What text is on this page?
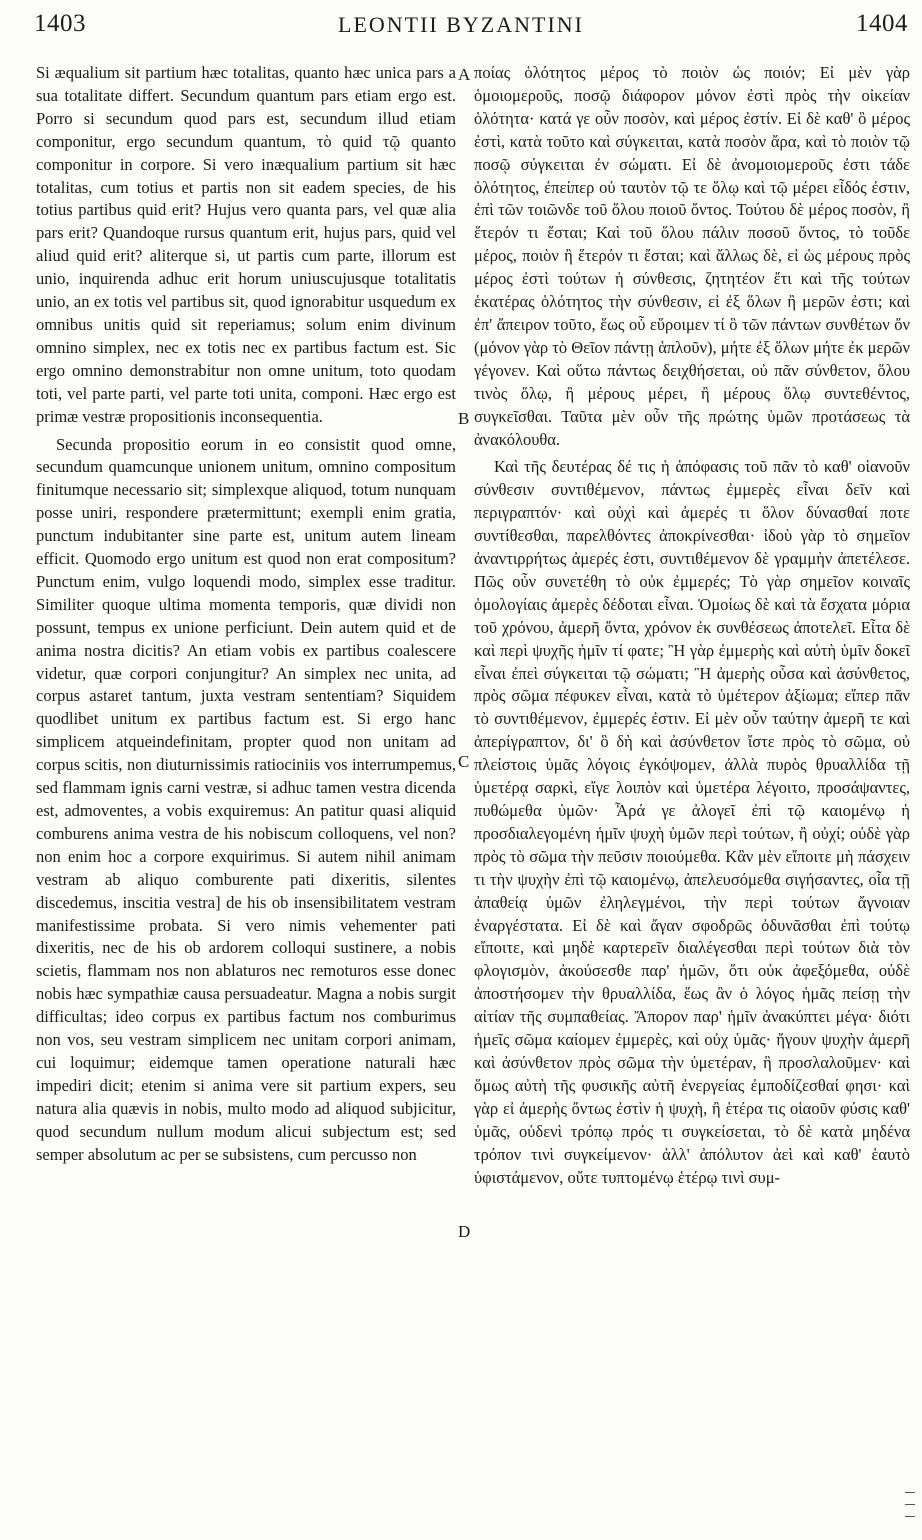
1403	LEONTII BYZANTINI	1404

Si æqualium sit partium hæc totalitas, quanto hæc unica pars a sua totalitate differt. Secundum quantum pars etiam ergo est. Porro si secundum quod pars est, secundum illud etiam componitur, ergo secundum quantum, τὸ quid τῷ quanto componitur in corpore. Si vero inæqualium partium sit hæc totalitas, cum totius et partis non sit eadem species, de his totius partibus quid erit? Hujus vero quanta pars, vel quæ alia pars erit? Quandoque rursus quantum erit, hujus pars, quid vel aliud quid erit? aliterque si, ut partis cum parte, illorum est unio, inquirenda adhuc erit horum uniuscujusque totalitatis unio, an ex totis vel partibus sit, quod ignorabitur usquedum ex omnibus unitis quid sit reperiamus; solum enim divinum omnino simplex, nec ex totis nec ex partibus factum est. Sic ergo omnino demonstrabitur non omne unitum, toto quodam toti, vel parte parti, vel parte toti unita, componi. Hæc ergo est primæ vestræ propositionis inconsequentia.

Secunda propositio eorum in eo consistit quod omne, secundum quamcunque unionem unitum, omnino compositum finitumque necessario sit; simplexque aliquod, totum nunquam posse uniri, respondere prætermittunt; exempli enim gratia, punctum indubitanter sine parte est, unitum autem lineam efficit. Quomodo ergo unitum est quod non erat compositum? Punctum enim, vulgo loquendi modo, simplex esse traditur. Similiter quoque ultima momenta temporis, quæ dividi non possunt, tempus ex unione perficiunt. Dein autem quid et de anima nostra dicitis? An etiam vobis ex partibus coalescere videtur, quæ corpori conjungitur? An simplex nec unita, ad corpus astaret tantum, juxta vestram sententiam? Siquidem quodlibet unitum ex partibus factum est. Si ergo hanc simplicem atqueindefinitam, propter quod non unitam ad corpus scitis, non diuturnissimis ratiociniis vos interrumpemus, sed flammam ignis carni vestræ, si adhuc tamen vestra dicenda est, admoventes, a vobis exquiremus: An patitur quasi aliquid comburens anima vestra de his nobiscum colloquens, vel non? non enim hoc a corpore exquirimus. Si autem nihil animam vestram ab aliquo comburente pati dixeritis, silentes discedemus, inscitia vestra] de his ob insensibilitatem vestram manifestissime probata. Si vero nimis vehementer pati dixeritis, nec de his ob ardorem colloqui sustinere, a nobis scietis, flammam nos non ablaturos nec remoturos esse donec nobis hæc sympathiæ causa persuadeatur. Magna a nobis surgit difficultas; ideo corpus ex partibus factum nos comburimus non vos, seu vestram simplicem nec unitam corpori animam, cui loquimur; eidemque tamen operatione naturali hæc impediri dicit; etenim si anima vere sit partium expers, seu natura alia quævis in nobis, multo modo ad aliquod subjicitur, quod secundum nullum modum alicui subjectum est; sed semper absolutum ac per se subsistens, cum percusso non

A
B
C
D

ποίας ὁλότητος μέρος τὸ ποιὸν ὡς ποιόν; Εἰ μὲν γὰρ ὁμοιομεροῦς, ποσῷ διάφορον μόνον ἐστὶ πρὸς τὴν οἰκείαν ὁλότητα· κατά γε οὖν ποσὸν, καὶ μέρος ἐστίν. Εἰ δὲ καθ' ὃ μέρος ἐστὶ, κατὰ τοῦτο καὶ σύγκειται, κατὰ ποσὸν ἄρα, καὶ τὸ ποιὸν τῷ ποσῷ σύγκειται ἐν σώματι. Εἰ δὲ ἀνομοιομεροῦς ἐστι τάδε ὁλότητος, ἐπείπερ οὐ ταυτὸν τῷ τε ὅλῳ καὶ τῷ μέρει εἶδός ἐστιν, ἐπὶ τῶν τοιῶνδε τοῦ ὅλου ποιοῦ ὄντος. Τούτου δὲ μέρος ποσὸν, ἢ ἕτερόν τι ἔσται; Καὶ τοῦ ὅλου πάλιν ποσοῦ ὄντος, τὸ τοῦδε μέρος, ποιὸν ἢ ἕτερόν τι ἔσται; καὶ ἄλλως δὲ, εἰ ὡς μέρους πρὸς μέρος ἐστὶ τούτων ἡ σύνθεσις, ζητητέον ἔτι καὶ τῆς τούτων ἑκατέρας ὁλότητος τὴν σύνθεσιν, εἰ ἐξ ὅλων ἢ μερῶν ἐστι; καὶ ἐπ' ἄπειρον τοῦτο, ἕως οὗ εὕροιμεν τί ὃ τῶν πάντων συνθέτων ὄν (μόνον γὰρ τὸ Θεῖον πάντῃ ἁπλοῦν), μήτε ἐξ ὅλων μήτε ἐκ μερῶν γέγονεν. Καὶ οὕτω πάντως δειχθήσεται, οὐ πᾶν σύνθετον, ὅλου τινὸς ὅλῳ, ἢ μέρους μέρει, ἢ μέρους ὅλῳ συντεθέντος, συγκεῖσθαι. Ταῦτα μὲν οὖν τῆς πρώτης ὑμῶν προτάσεως τὰ ἀνακόλουθα.

Καὶ τῆς δευτέρας δέ τις ἡ ἀπόφασις τοῦ πᾶν τὸ καθ' οἱανοῦν σύνθεσιν συντιθέμενον, πάντως ἐμμερὲς εἶναι δεῖν καὶ περιγραπτόν· καὶ οὐχὶ καὶ ἀμερές τι ὅλον δύνασθαί ποτε συντίθεσθαι, παρελθόντες ἀποκρίνεσθαι· ἰδοὺ γὰρ τὸ σημεῖον ἀναντιρρήτως ἀμερές ἐστι, συντιθέμενον δὲ γραμμὴν ἀπετέλεσε. Πῶς οὖν συνετέθη τὸ οὐκ ἐμμερές; Τὸ γὰρ σημεῖον κοιναῖς ὁμολογίαις ἀμερὲς δέδοται εἶναι. Ὁμοίως δὲ καὶ τὰ ἔσχατα μόρια τοῦ χρόνου, ἀμερῆ ὄντα, χρόνον ἐκ συνθέσεως ἀποτελεῖ. Εἶτα δὲ καὶ περὶ ψυχῆς ἡμῖν τί φατε; Ἢ γὰρ ἐμμερὴς καὶ αὐτὴ ὑμῖν δοκεῖ εἶναι ἐπεὶ σύγκειται τῷ σώματι; Ἢ ἀμερὴς οὖσα καὶ ἀσύνθετος, πρὸς σῶμα πέφυκεν εἶναι, κατὰ τὸ ὑμέτερον ἀξίωμα; εἴπερ πᾶν τὸ συντιθέμενον, ἐμμερές ἐστιν. Εἰ μὲν οὖν ταύτην ἀμερῆ τε καὶ ἀπερίγραπτον, δι' ὃ δὴ καὶ ἀσύνθετον ἴστε πρὸς τὸ σῶμα, οὐ πλείστοις ὑμᾶς λόγοις ἐγκόψομεν, ἀλλὰ πυρὸς θρυαλλίδα τῇ ὑμετέρᾳ σαρκὶ, εἴγε λοιπὸν καὶ ὑμετέρα λέγοιτο, προσάψαντες, πυθώμεθα ὑμῶν· Ἆρά γε ἀλογεῖ ἐπὶ τῷ καιομένῳ ἡ προσδιαλεγομένη ἡμῖν ψυχὴ ὑμῶν περὶ τούτων, ἢ οὐχί; οὐδὲ γὰρ πρὸς τὸ σῶμα τὴν πεῦσιν ποιούμεθα. Κἂν μὲν εἴποιτε μὴ πάσχειν τι τὴν ψυχὴν ἐπὶ τῷ καιομένῳ, ἀπελευσόμεθα σιγήσαντες, οἷα τῇ ἀπαθείᾳ ὑμῶν ἐληλεγμένοι, τὴν περὶ τούτων ἄγνοιαν ἐναργέστατα. Εἰ δὲ καὶ ἄγαν σφοδρῶς ὀδυνᾶσθαι ἐπὶ τούτῳ εἴποιτε, καὶ μηδὲ καρτερεῖν διαλέγεσθαι περὶ τούτων διὰ τὸν φλογισμὸν, ἀκούσεσθε παρ' ἡμῶν, ὅτι οὐκ ἀφεξόμεθα, οὐδὲ ἀποστήσομεν τὴν θρυαλλίδα, ἕως ἂν ὁ λόγος ἡμᾶς πείσῃ τὴν αἰτίαν τῆς συμπαθείας. Ἄπορον παρ' ἡμῖν ἀνακύπτει μέγα· διότι ἡμεῖς σῶμα καίομεν ἐμμερὲς, καὶ οὐχ ὑμᾶς· ἤγουν ψυχὴν ἀμερῆ καὶ ἀσύνθετον πρὸς σῶμα τὴν ὑμετέραν, ἣ προσλαλοῦμεν· καὶ ὅμως αὐτὴ τῆς φυσικῆς αὐτῆ ἐνεργείας ἐμποδίζεσθαί φησι· καὶ γὰρ εἰ ἀμερὴς ὄντως ἐστὶν ἡ ψυχὴ, ἢ ἑτέρα τις οἱαοῦν φύσις καθ' ὑμᾶς, οὐδενὶ τρόπῳ πρός τι συγκείσεται, τὸ δὲ κατὰ μηδένα τρόπον τινὶ συγκείμενον· ἀλλ' ἀπόλυτον ἀεὶ καὶ καθ' ἑαυτὸ ὑφιστάμενον, οὔτε τυπτομένῳ ἑτέρῳ τινὶ συμ-
